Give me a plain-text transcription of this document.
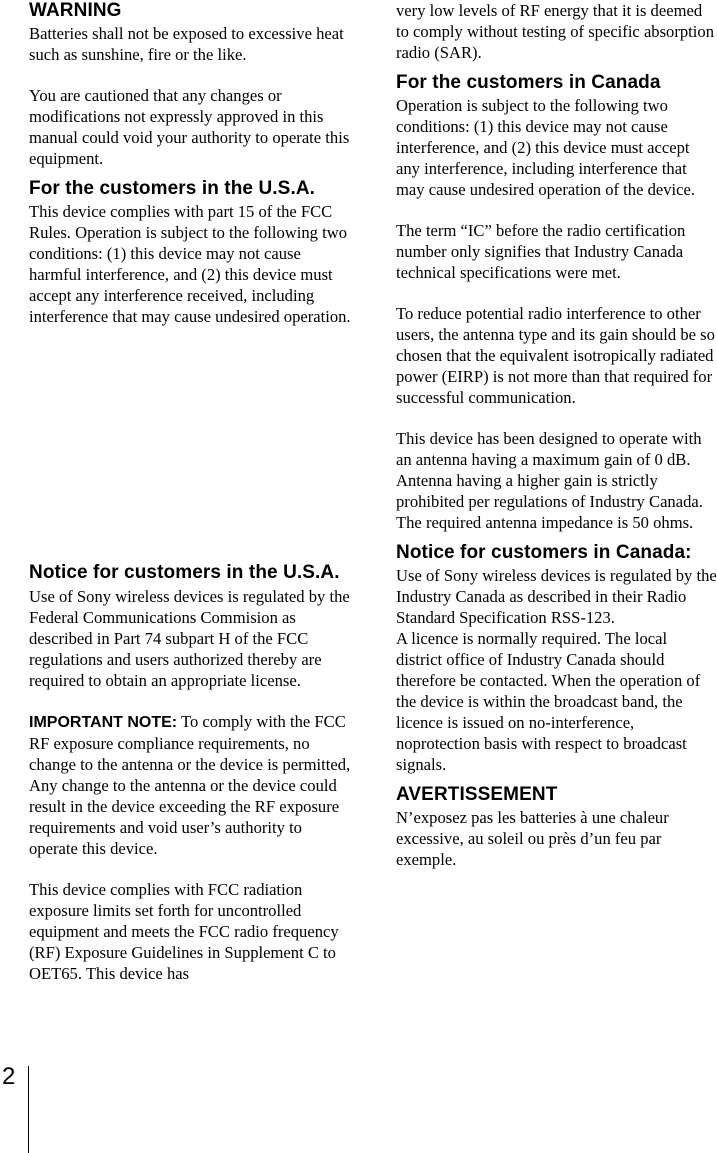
WARNING

Batteries shall not be exposed to excessive heat such as sunshine, fire or the like.

You are cautioned that any changes or modifications not expressly approved in this manual could void your authority to operate this equipment.

For the customers in the U.S.A.

This device complies with part 15 of the FCC Rules. Operation is subject to the following two conditions: (1) this device may not cause harmful interference, and (2) this device must accept any interference received, including interference that may cause undesired operation.

Notice for customers in the U.S.A.

Use of Sony wireless devices is regulated by the Federal Communications Commision as described in Part 74 subpart H of the FCC regulations and users authorized thereby are required to obtain an appropriate license.

IMPORTANT NOTE: To comply with the FCC RF exposure compliance requirements, no change to the antenna or the device is permitted,

Any change to the antenna or the device could result in the device exceeding the RF exposure requirements and void user’s authority to operate this device.

This device complies with FCC radiation exposure limits set forth for uncontrolled equipment and meets the FCC radio frequency (RF) Exposure Guidelines in Supplement C to OET65. This device has

very low levels of RF energy that it is deemed to comply without testing of specific absorption radio (SAR).

For the customers in Canada

Operation is subject to the following two conditions: (1) this device may not cause interference, and (2) this device must accept any interference, including interference that may cause undesired operation of the device.

The term “IC” before the radio certification number only signifies that Industry Canada technical specifications were met.

To reduce potential radio interference to other users, the antenna type and its gain should be so chosen that the equivalent isotropically radiated power (EIRP) is not more than that required for successful communication.

This device has been designed to operate with an antenna having a maximum gain of 0 dB.

Antenna having a higher gain is strictly prohibited per regulations of Industry Canada.

The required antenna impedance is 50 ohms.

Notice for customers in Canada:

Use of Sony wireless devices is regulated by the Industry Canada as described in their Radio Standard Specification RSS-123.

A licence is normally required. The local district office of Industry Canada should therefore be contacted. When the operation of the device is within the broadcast band, the licence is issued on no-interference, noprotection basis with respect to broadcast signals.

AVERTISSEMENT

N’exposez pas les batteries à une chaleur excessive, au soleil ou près d’un feu par exemple.

2
